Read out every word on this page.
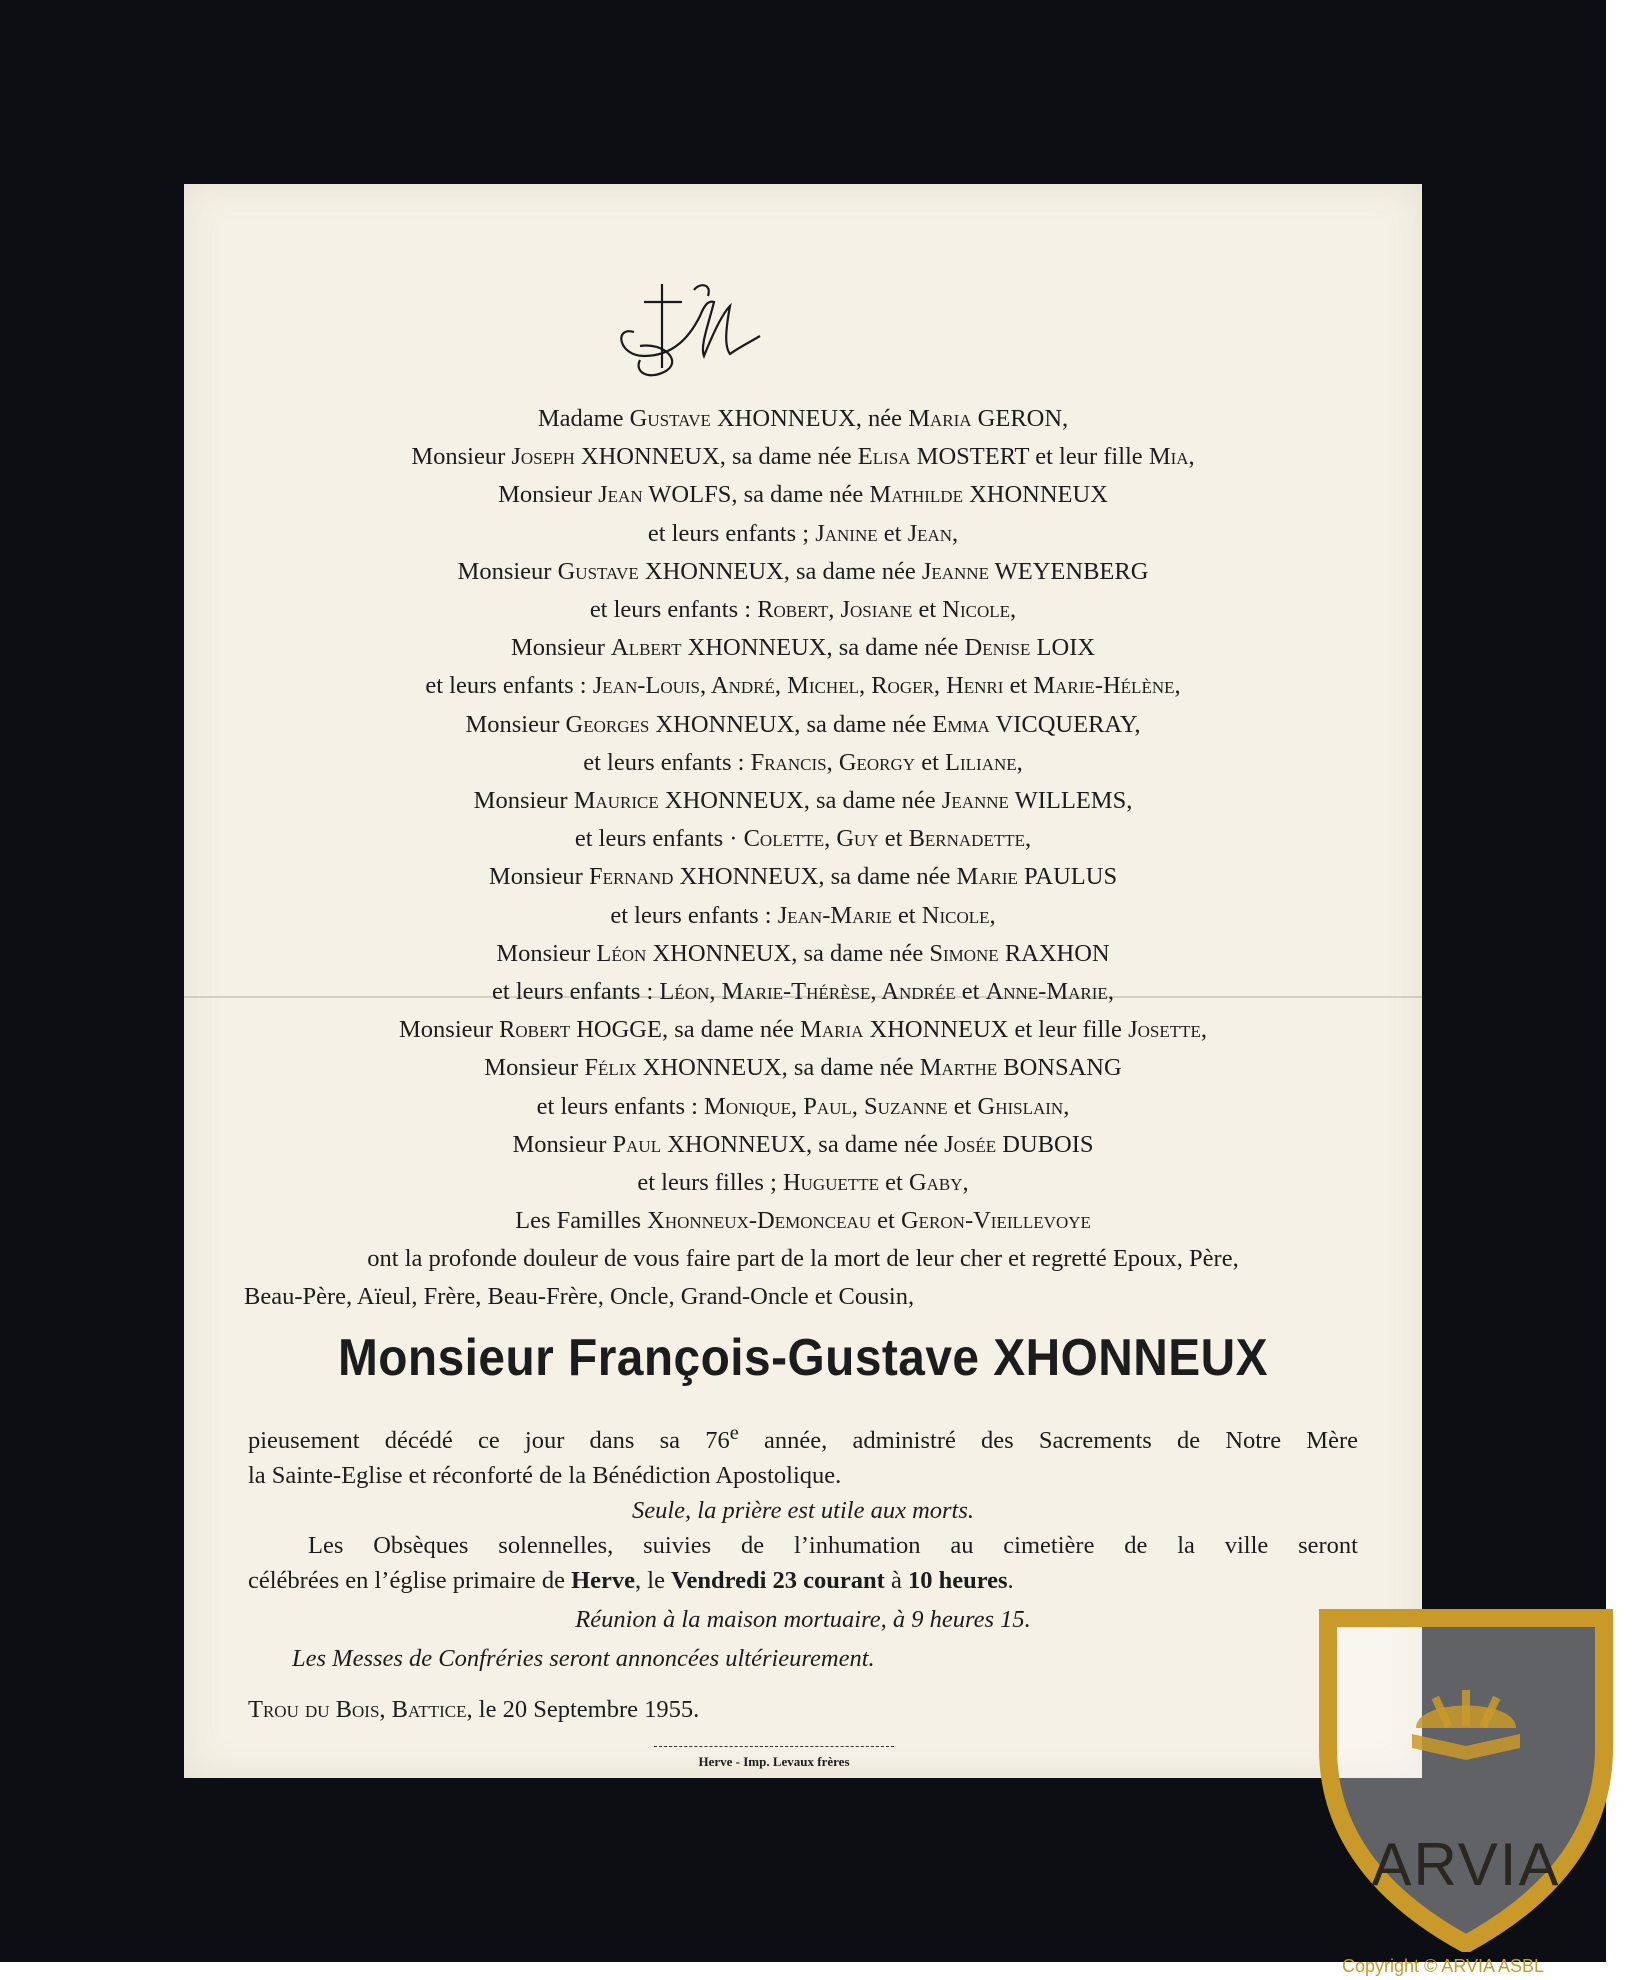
Madame Gustave XHONNEUX, née Maria GERON,
Monsieur Joseph XHONNEUX, sa dame née Elisa MOSTERT et leur fille Mia,
Monsieur Jean WOLFS, sa dame née Mathilde XHONNEUX
et leurs enfants ; Janine et Jean,
Monsieur Gustave XHONNEUX, sa dame née Jeanne WEYENBERG
et leurs enfants : Robert, Josiane et Nicole,
Monsieur Albert XHONNEUX, sa dame née Denise LOIX
et leurs enfants : Jean-Louis, André, Michel, Roger, Henri et Marie-Hélène,
Monsieur Georges XHONNEUX, sa dame née Emma VICQUERAY,
et leurs enfants : Francis, Georgy et Liliane,
Monsieur Maurice XHONNEUX, sa dame née Jeanne WILLEMS,
et leurs enfants · Colette, Guy et Bernadette,
Monsieur Fernand XHONNEUX, sa dame née Marie PAULUS
et leurs enfants : Jean-Marie et Nicole,
Monsieur Léon XHONNEUX, sa dame née Simone RAXHON
et leurs enfants : Léon, Marie-Thérèse, Andrée et Anne-Marie,
Monsieur Robert HOGGE, sa dame née Maria XHONNEUX et leur fille Josette,
Monsieur Félix XHONNEUX, sa dame née Marthe BONSANG
et leurs enfants : Monique, Paul, Suzanne et Ghislain,
Monsieur Paul XHONNEUX, sa dame née Josée DUBOIS
et leurs filles ; Huguette et Gaby,
Les Familles Xhonneux-Demonceau et Geron-Vieillevoye
ont la profonde douleur de vous faire part de la mort de leur cher et regretté Epoux, Père,
Beau-Père, Aïeul, Frère, Beau-Frère, Oncle, Grand-Oncle et Cousin,
Monsieur François-Gustave XHONNEUX
pieusement décédé ce jour dans sa 76e année, administré des Sacrements de Notre Mère
la Sainte-Eglise et réconforté de la Bénédiction Apostolique.
Seule, la prière est utile aux morts.
Les Obsèques solennelles, suivies de l’inhumation au cimetière de la ville seront
célébrées en l’église primaire de Herve, le Vendredi 23 courant à 10 heures.
Réunion à la maison mortuaire, à 9 heures 15.
Les Messes de Confréries seront annoncées ultérieurement.
Trou du Bois, Battice, le 20 Septembre 1955.
Herve - Imp. Levaux frères
ARVIA
Copyright © ARVIA ASBL
